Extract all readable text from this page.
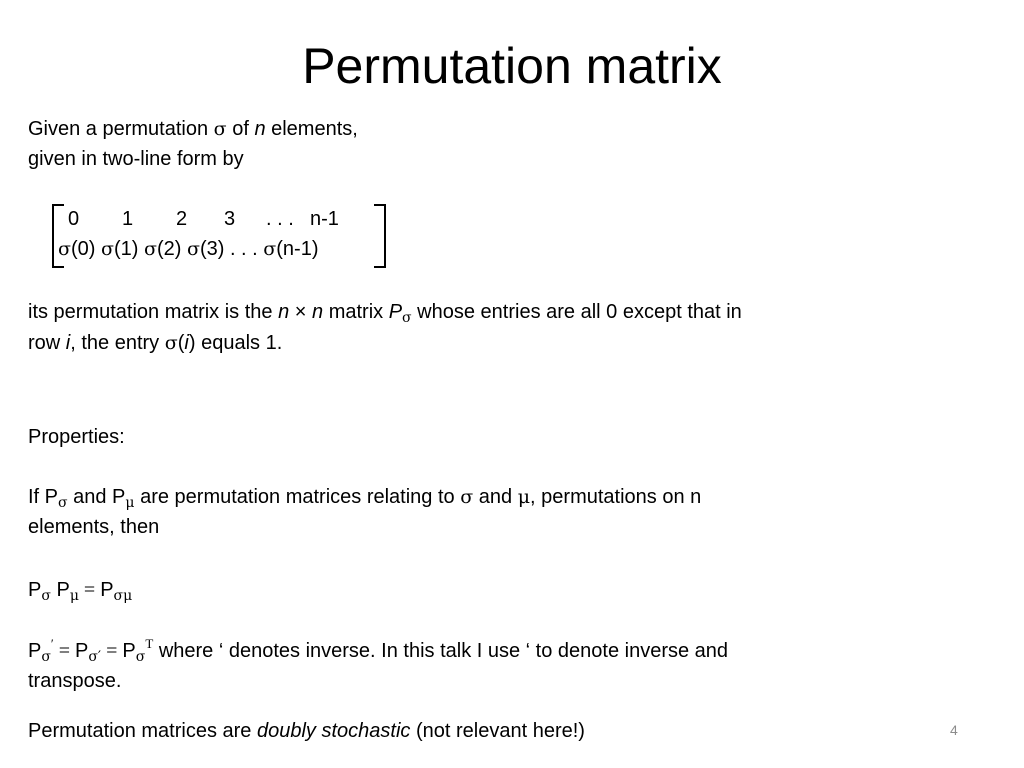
Permutation matrix
Given a permutation σ of n elements,
given in two-line form by
0 1 2 3 . . . n-1
σ(0) σ(1) σ(2) σ(3) . . . σ(n-1)
its permutation matrix is the n × n matrix $P_\sigma$ whose entries are all 0 except that in
row i, the entry σ(i) equals 1.
Properties:
If $P_\sigma$ and $P_\mu$ are permutation matrices relating to σ and μ, permutations on n
elements, then
$P_\sigma$ $P_\mu = P_{\sigma\mu}$
$P_\sigma' = P_{\sigma'} = P_\sigma^T$ where ‘ denotes inverse. In this talk I use ‘ to denote inverse and
transpose.
Permutation matrices are doubly stochastic (not relevant here!)	4
